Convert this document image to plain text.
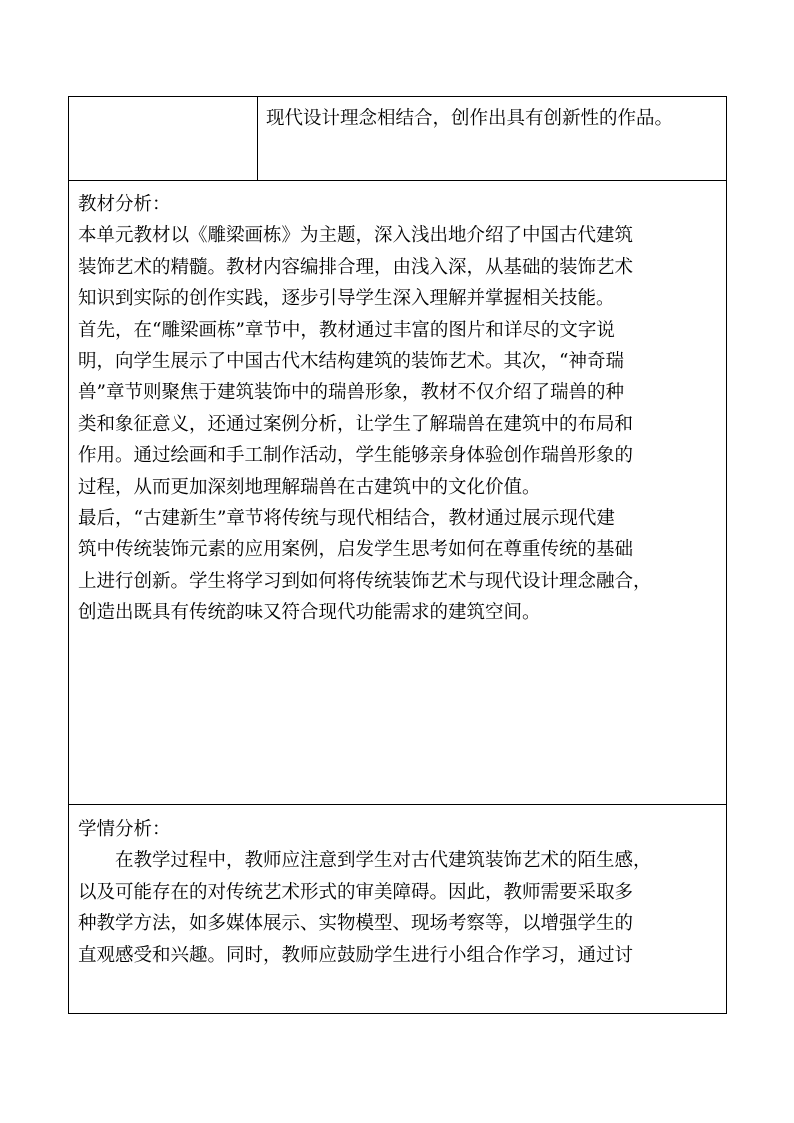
现代设计理念相结合，创作出具有创新性的作品。

教材分析：

本单元教材以《雕梁画栋》为主题，深入浅出地介绍了中国古代建筑

装饰艺术的精髓。教材内容编排合理，由浅入深，从基础的装饰艺术

知识到实际的创作实践，逐步引导学生深入理解并掌握相关技能。

首先，在“雕梁画栋”章节中，教材通过丰富的图片和详尽的文字说

明，向学生展示了中国古代木结构建筑的装饰艺术。其次，“神奇瑞

兽”章节则聚焦于建筑装饰中的瑞兽形象，教材不仅介绍了瑞兽的种

类和象征意义，还通过案例分析，让学生了解瑞兽在建筑中的布局和

作用。通过绘画和手工制作活动，学生能够亲身体验创作瑞兽形象的

过程，从而更加深刻地理解瑞兽在古建筑中的文化价值。

最后，“古建新生”章节将传统与现代相结合，教材通过展示现代建

筑中传统装饰元素的应用案例，启发学生思考如何在尊重传统的基础

上进行创新。学生将学习到如何将传统装饰艺术与现代设计理念融合，

创造出既具有传统韵味又符合现代功能需求的建筑空间。

学情分析：

　　在教学过程中，教师应注意到学生对古代建筑装饰艺术的陌生感，

以及可能存在的对传统艺术形式的审美障碍。因此，教师需要采取多

种教学方法，如多媒体展示、实物模型、现场考察等，以增强学生的

直观感受和兴趣。同时，教师应鼓励学生进行小组合作学习，通过讨
